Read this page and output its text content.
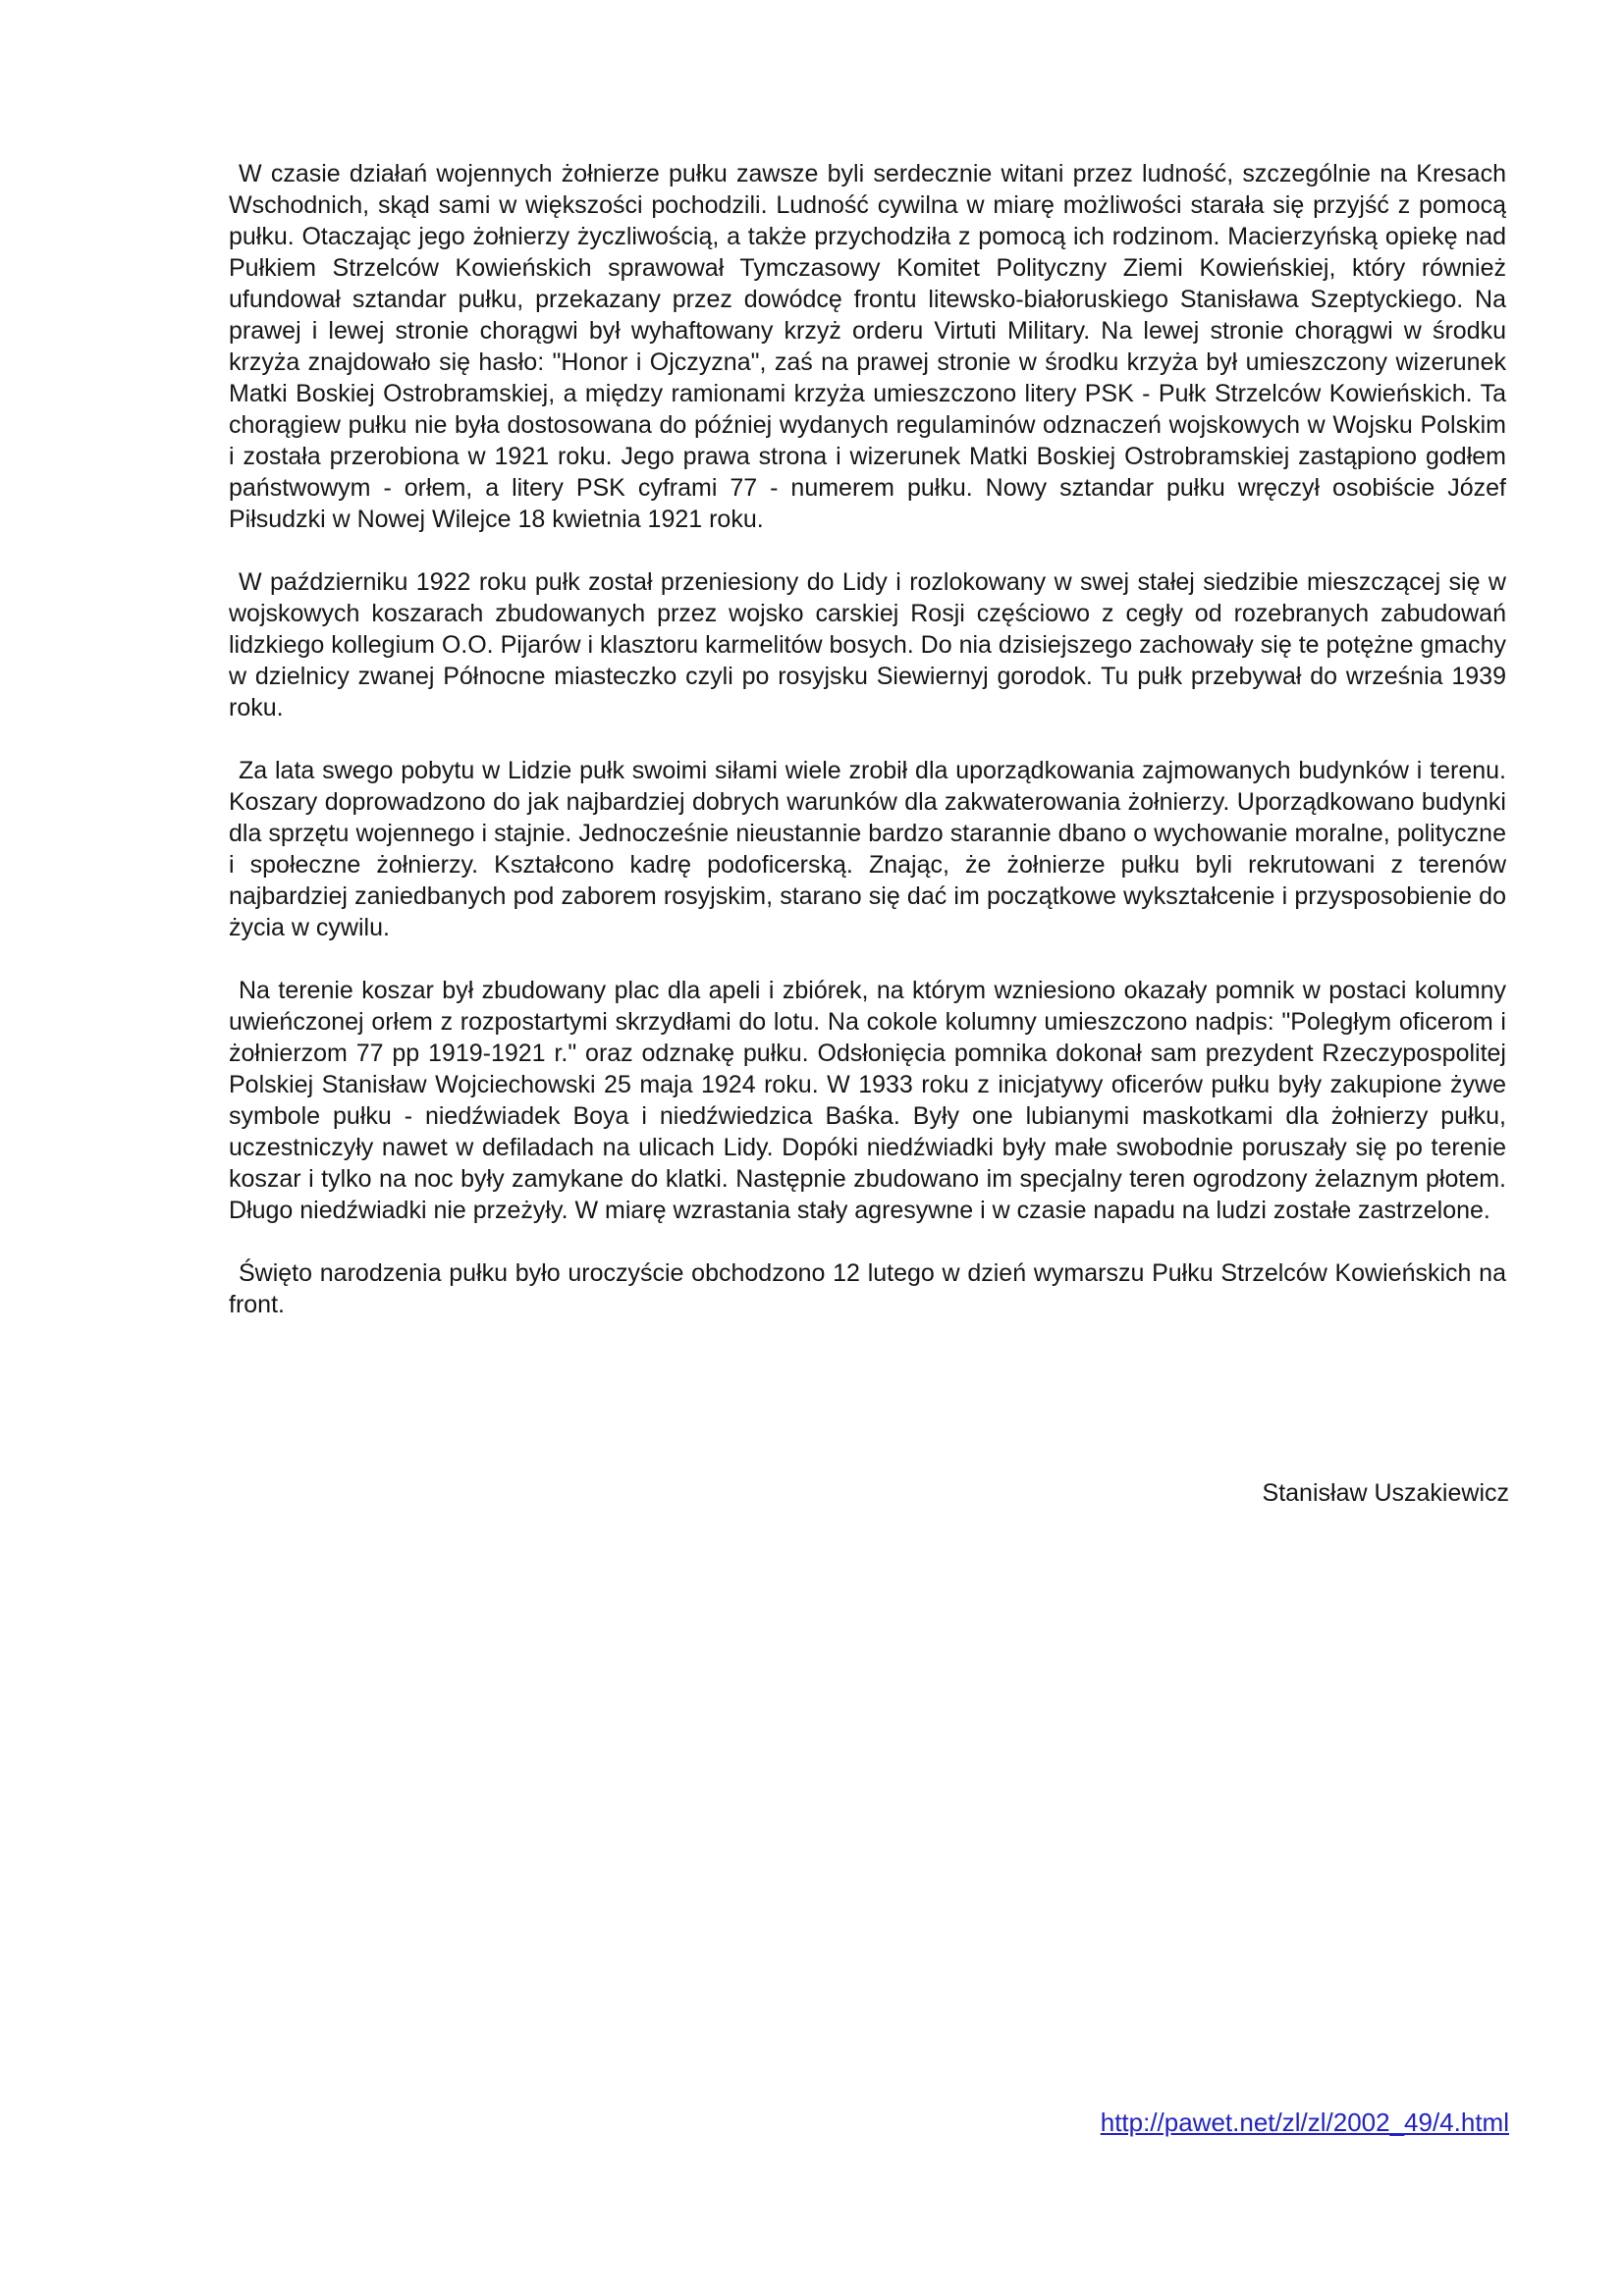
W czasie działań wojennych żołnierze pułku zawsze byli serdecznie witani przez ludność, szczególnie na Kresach Wschodnich, skąd sami w większości pochodzili. Ludność cywilna w miarę możliwości starała się przyjść z pomocą pułku. Otaczając jego żołnierzy życzliwością, a także przychodziła z pomocą ich rodzinom. Macierzyńską opiekę nad Pułkiem Strzelców Kowieńskich sprawował Tymczasowy Komitet Polityczny Ziemi Kowieńskiej, który również ufundował sztandar pułku, przekazany przez dowódcę frontu litewsko-białoruskiego Stanisława Szeptyckiego. Na prawej i lewej stronie chorągwi był wyhaftowany krzyż orderu Virtuti Military. Na lewej stronie chorągwi w środku krzyża znajdowało się hasło: "Honor i Ojczyzna", zaś na prawej stronie w środku krzyża był umieszczony wizerunek Matki Boskiej Ostrobramskiej, a między ramionami krzyża umieszczono litery PSK - Pułk Strzelców Kowieńskich. Ta chorągiew pułku nie była dostosowana do później wydanych regulaminów odznaczeń wojskowych w Wojsku Polskim i została przerobiona w 1921 roku. Jego prawa strona i wizerunek Matki Boskiej Ostrobramskiej zastąpiono godłem państwowym - orłem, a litery PSK cyframi 77 - numerem pułku. Nowy sztandar pułku wręczył osobiście Józef Piłsudzki w Nowej Wilejce 18 kwietnia 1921 roku.

W październiku 1922 roku pułk został przeniesiony do Lidy i rozlokowany w swej stałej siedzibie mieszczącej się w wojskowych koszarach zbudowanych przez wojsko carskiej Rosji częściowo z cegły od rozebranych zabudowań lidzkiego kollegium O.O. Pijarów i klasztoru karmelitów bosych. Do nia dzisiejszego zachowały się te potężne gmachy w dzielnicy zwanej Północne miasteczko czyli po rosyjsku Siewiernyj gorodok. Tu pułk przebywał do września 1939 roku.

Za lata swego pobytu w Lidzie pułk swoimi siłami wiele zrobił dla uporządkowania zajmowanych budynków i terenu. Koszary doprowadzono do jak najbardziej dobrych warunków dla zakwaterowania żołnierzy. Uporządkowano budynki dla sprzętu wojennego i stajnie. Jednocześnie nieustannie bardzo starannie dbano o wychowanie moralne, polityczne i społeczne żołnierzy. Kształcono kadrę podoficerską. Znając, że żołnierze pułku byli rekrutowani z terenów najbardziej zaniedbanych pod zaborem rosyjskim, starano się dać im początkowe wykształcenie i przysposobienie do życia w cywilu.

Na terenie koszar był zbudowany plac dla apeli i zbiórek, na którym wzniesiono okazały pomnik w postaci kolumny uwieńczonej orłem z rozpostartymi skrzydłami do lotu. Na cokole kolumny umieszczono nadpis: "Poległym oficerom i żołnierzom 77 pp 1919-1921 r." oraz odznakę pułku. Odsłonięcia pomnika dokonał sam prezydent Rzeczypospolitej Polskiej Stanisław Wojciechowski 25 maja 1924 roku. W 1933 roku z inicjatywy oficerów pułku były zakupione żywe symbole pułku - niedźwiadek Boya i niedźwiedzica Baśka. Były one lubianymi maskotkami dla żołnierzy pułku, uczestniczyły nawet w defiladach na ulicach Lidy. Dopóki niedźwiadki były małe swobodnie poruszały się po terenie koszar i tylko na noc były zamykane do klatki. Następnie zbudowano im specjalny teren ogrodzony żelaznym płotem. Długo niedźwiadki nie przeżyły. W miarę wzrastania stały agresywne i w czasie napadu na ludzi zostałe zastrzelone.

Święto narodzenia pułku było uroczyście obchodzono 12 lutego w dzień wymarszu Pułku Strzelców Kowieńskich na front.

Stanisław Uszakiewicz
http://pawet.net/zl/zl/2002_49/4.html
